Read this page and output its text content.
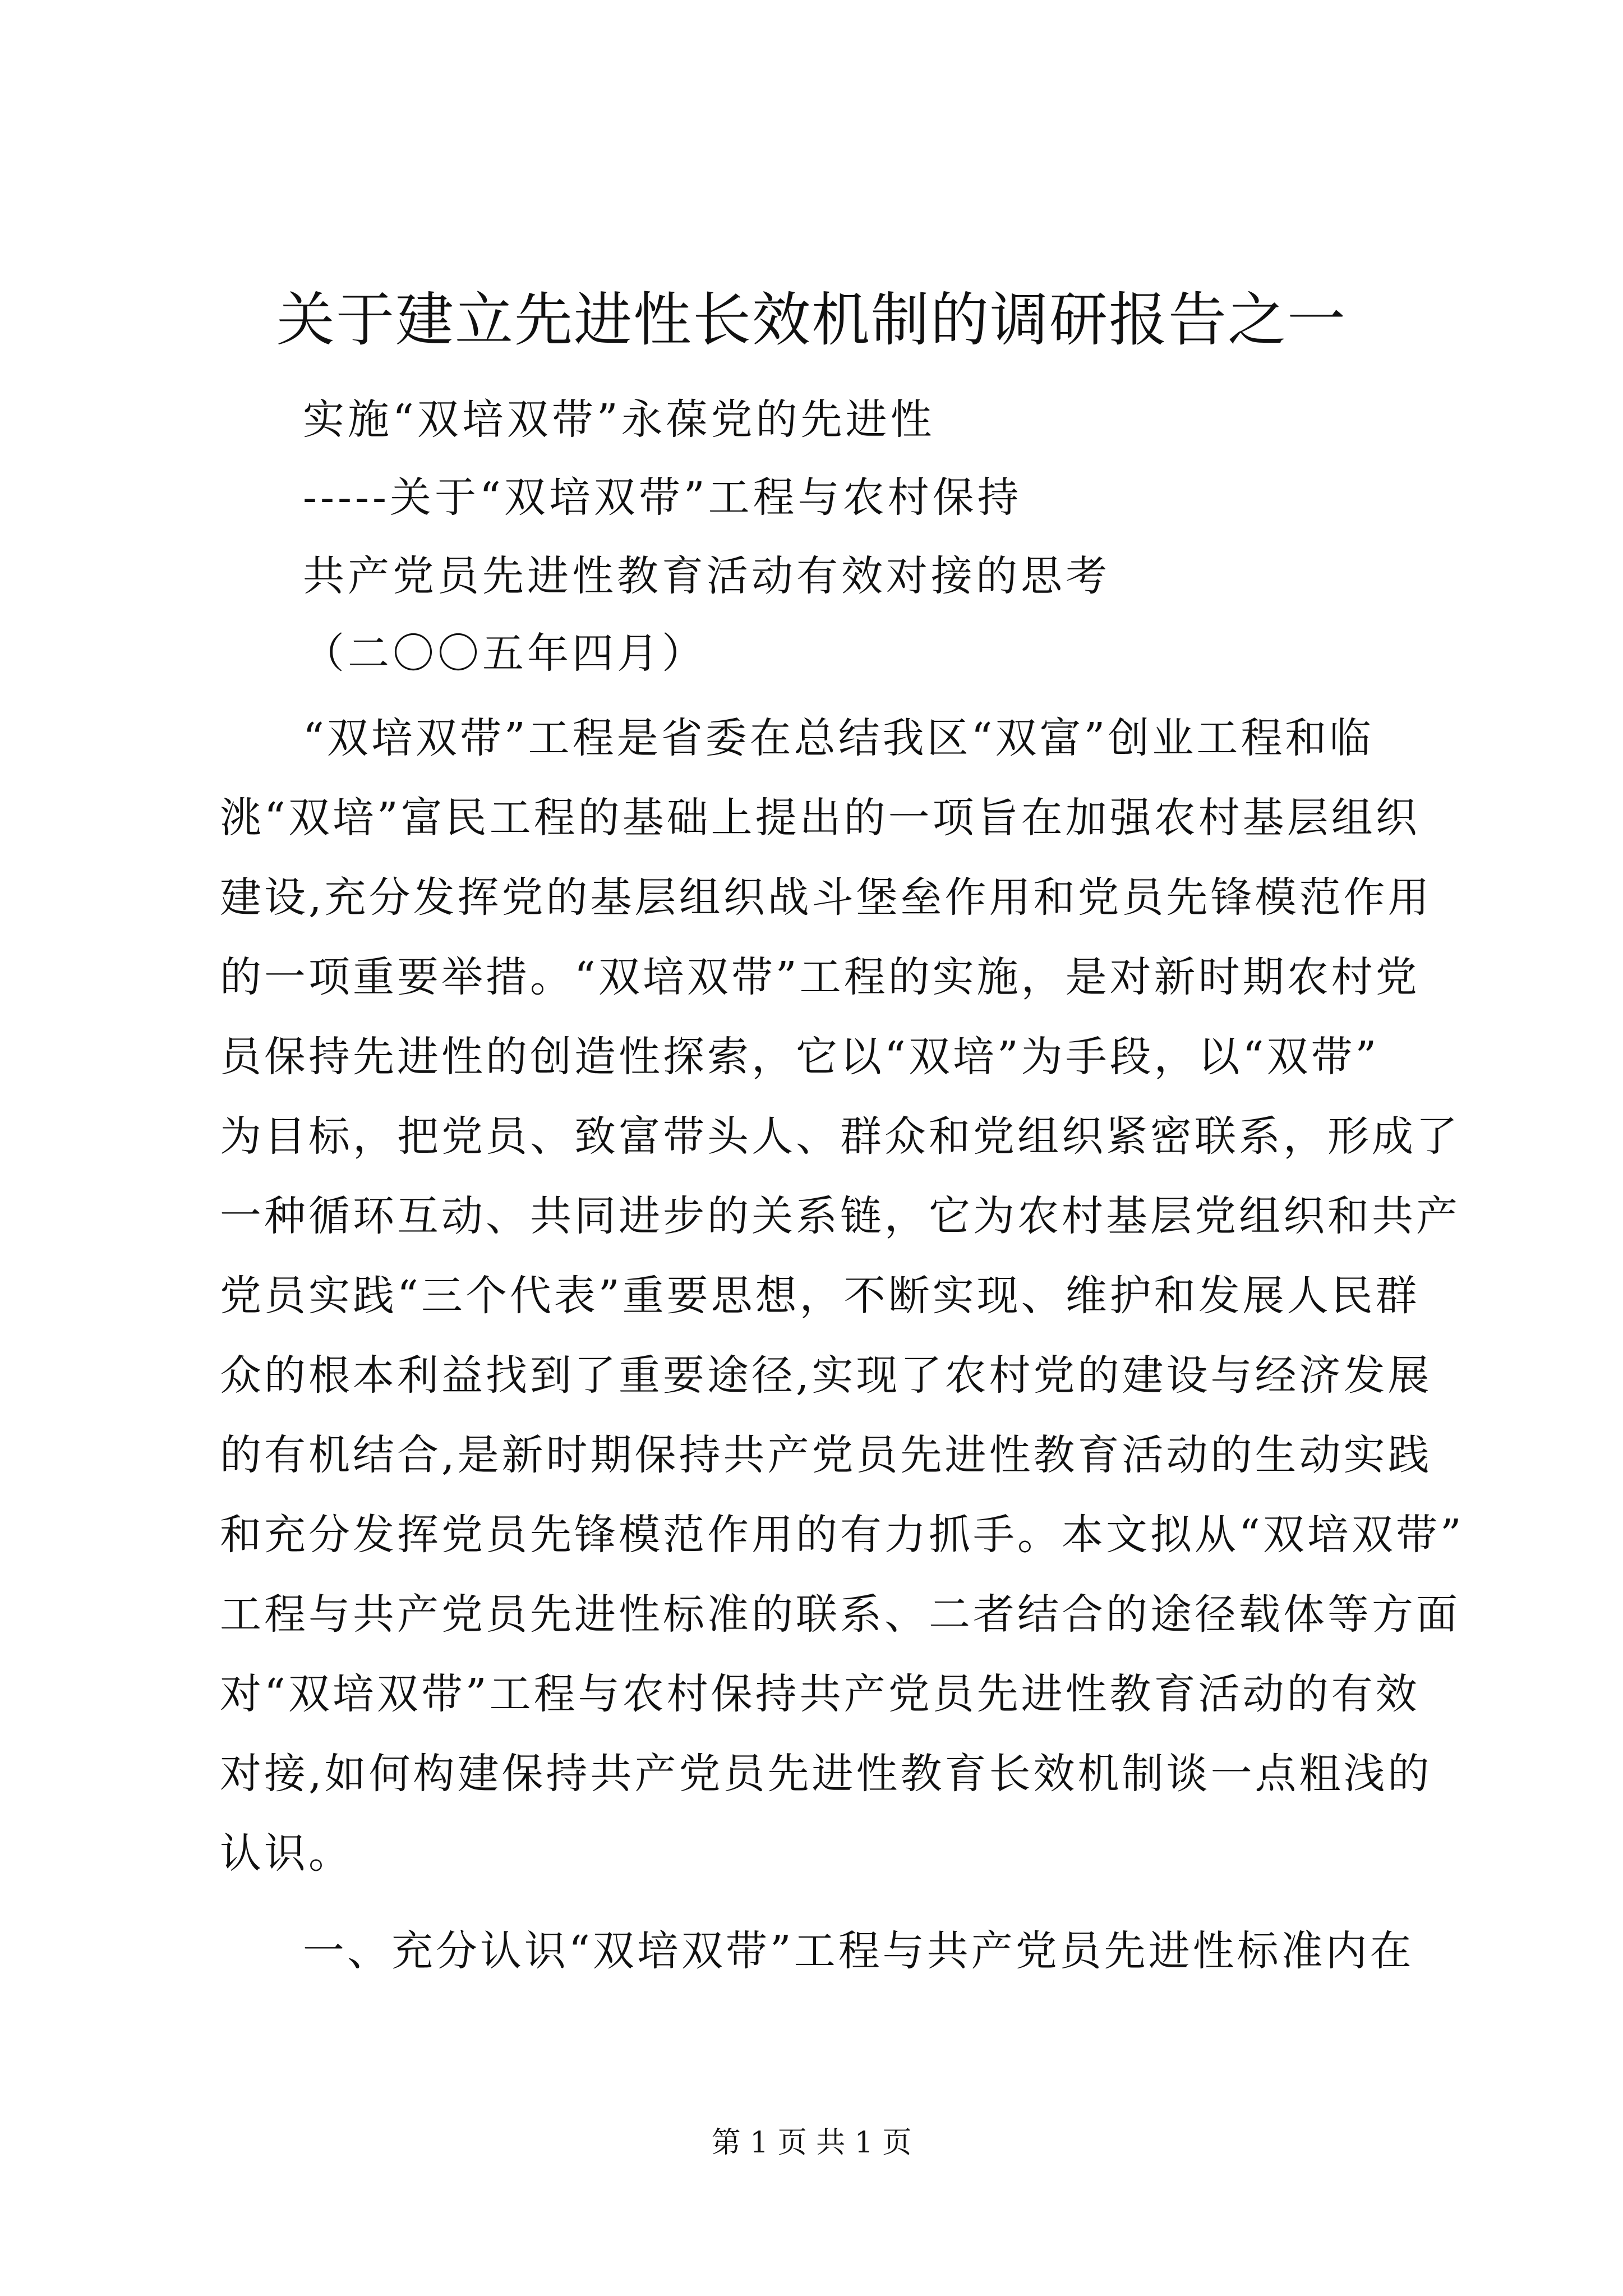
关于建立先进性长效机制的调研报告之一
实施“双培双带”永葆党的先进性
-----关于“双培双带”工程与农村保持
共产党员先进性教育活动有效对接的思考
（二〇〇五年四月）
“双培双带”工程是省委在总结我区“双富”创业工程和临
洮“双培”富民工程的基础上提出的一项旨在加强农村基层组织
建设,充分发挥党的基层组织战斗堡垒作用和党员先锋模范作用
的一项重要举措。“双培双带”工程的实施，是对新时期农村党
员保持先进性的创造性探索，它以“双培”为手段，以“双带”
为目标，把党员、致富带头人、群众和党组织紧密联系，形成了
一种循环互动、共同进步的关系链，它为农村基层党组织和共产
党员实践“三个代表”重要思想，不断实现、维护和发展人民群
众的根本利益找到了重要途径,实现了农村党的建设与经济发展
的有机结合,是新时期保持共产党员先进性教育活动的生动实践
和充分发挥党员先锋模范作用的有力抓手。本文拟从“双培双带”
工程与共产党员先进性标准的联系、二者结合的途径载体等方面
对“双培双带”工程与农村保持共产党员先进性教育活动的有效
对接,如何构建保持共产党员先进性教育长效机制谈一点粗浅的
认识。
一、充分认识“双培双带”工程与共产党员先进性标准内在
第 1 页 共 1 页
